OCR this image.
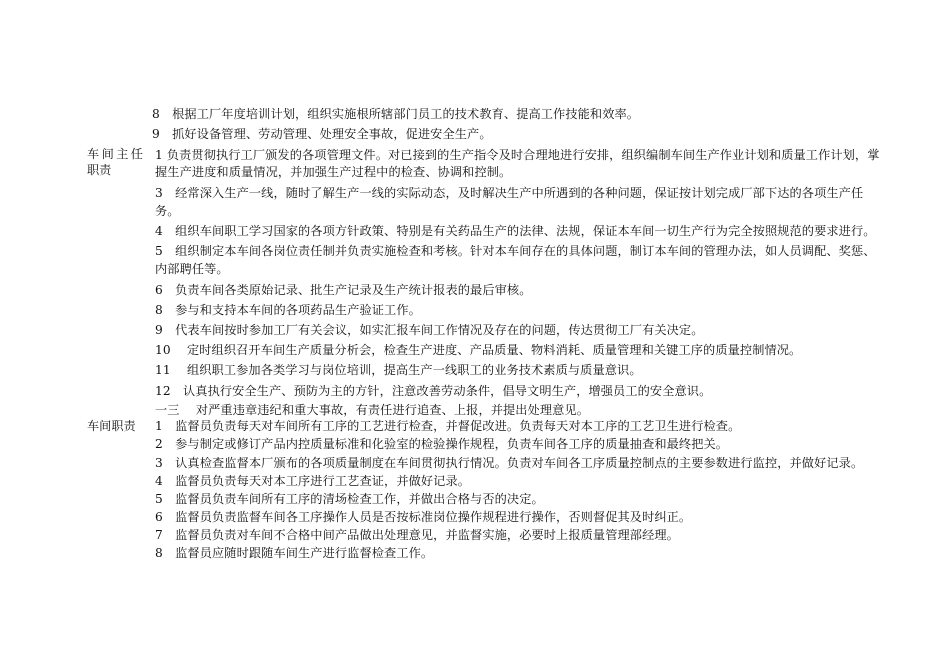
8　根据工厂年度培训计划，组织实施根所辖部门员工的技术教育、提高工作技能和效率。
9　抓好设备管理、劳动管理、处理安全事故，促进安全生产。
车间主任
职责
1 负责贯彻执行工厂颁发的各项管理文件。对已接到的生产指令及时合理地进行安排，组织编制车间生产作业计划和质量工作计划，掌
握生产进度和质量情况，并加强生产过程中的检查、协调和控制。
3　经常深入生产一线，随时了解生产一线的实际动态，及时解决生产中所遇到的各种问题，保证按计划完成厂部下达的各项生产任
务。
4　组织车间职工学习国家的各项方针政策、特别是有关药品生产的法律、法规，保证本车间一切生产行为完全按照规范的要求进行。
5　组织制定本车间各岗位责任制并负责实施检查和考核。针对本车间存在的具体问题，制订本车间的管理办法，如人员调配、奖惩、
内部聘任等。
6　负责车间各类原始记录、批生产记录及生产统计报表的最后审核。
8　参与和支持本车间的各项药品生产验证工作。
9　代表车间按时参加工厂有关会议，如实汇报车间工作情况及存在的问题，传达贯彻工厂有关决定。
10　 定时组织召开车间生产质量分析会，检查生产进度、产品质量、物料消耗、质量管理和关键工序的质量控制情况。
11　 组织职工参加各类学习与岗位培训，提高生产一线职工的业务技术素质与质量意识。
12　认真执行安全生产、预防为主的方针，注意改善劳动条件，倡导文明生产，增强员工的安全意识。
一三　 对严重违章违纪和重大事故，有责任进行追查、上报，并提出处理意见。
车间职责 1　监督员负责每天对车间所有工序的工艺进行检查，并督促改进。负责每天对本工序的工艺卫生进行检查。
2　参与制定或修订产品内控质量标准和化验室的检验操作规程，负责车间各工序的质量抽查和最终把关。
3　认真检查监督本厂颁布的各项质量制度在车间贯彻执行情况。负责对车间各工序质量控制点的主要参数进行监控，并做好记录。
4　监督员负责每天对本工序进行工艺查证，并做好记录。
5　监督员负责车间所有工序的清场检查工作，并做出合格与否的决定。
6　监督员负责监督车间各工序操作人员是否按标准岗位操作规程进行操作，否则督促其及时纠正。
7　监督员负责对车间不合格中间产品做出处理意见，并监督实施，必要时上报质量管理部经理。
8　监督员应随时跟随车间生产进行监督检查工作。
